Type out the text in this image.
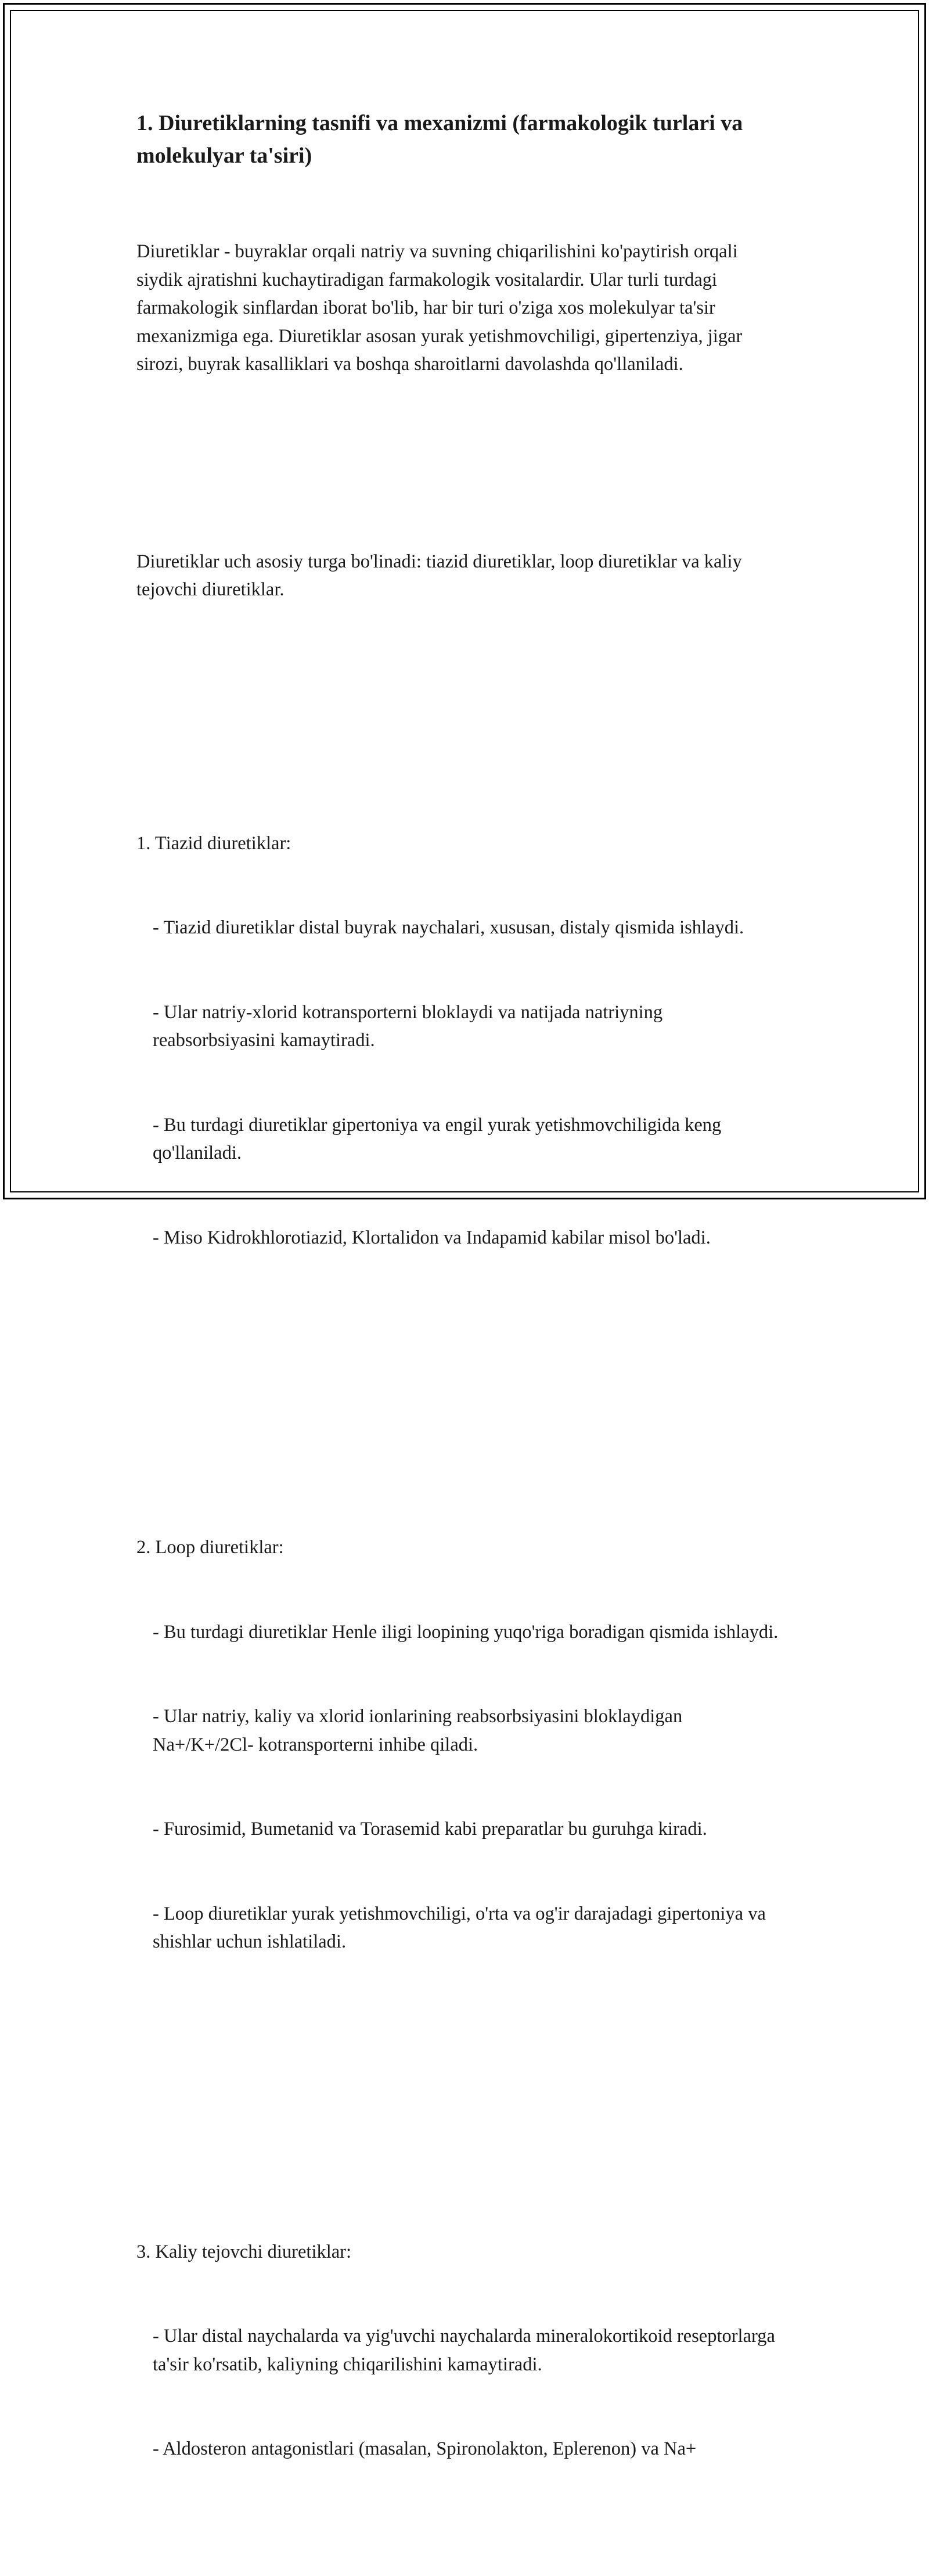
1. Diuretiklarning tasnifi va mexanizmi (farmakologik turlari va molekulyar ta'siri)

Diuretiklar - buyraklar orqali natriy va suvning chiqarilishini ko'paytirish orqali siydik ajratishni kuchaytiradigan farmakologik vositalardir. Ular turli turdagi farmakologik sinflardan iborat bo'lib, har bir turi o'ziga xos molekulyar ta'sir mexanizmiga ega. Diuretiklar asosan yurak yetishmovchiligi, gipertenziya, jigar sirozi, buyrak kasalliklari va boshqa sharoitlarni davolashda qo'llaniladi.

Diuretiklar uch asosiy turga bo'linadi: tiazid diuretiklar, loop diuretiklar va kaliy tejovchi diuretiklar.

1. Tiazid diuretiklar:

- Tiazid diuretiklar distal buyrak naychalari, xususan, distaly qismida ishlaydi.

- Ular natriy-xlorid kotransporterni bloklaydi va natijada natriyning reabsorbsiyasini kamaytiradi.

- Bu turdagi diuretiklar gipertoniya va engil yurak yetishmovchiligida keng qo'llaniladi.

- Miso Kidrokhlorotiazid, Klortalidon va Indapamid kabilar misol bo'ladi.

2. Loop diuretiklar:

- Bu turdagi diuretiklar Henle iligi loopining yuqo'riga boradigan qismida ishlaydi.

- Ular natriy, kaliy va xlorid ionlarining reabsorbsiyasini bloklaydigan Na+/K+/2Cl- kotransporterni inhibe qiladi.

- Furosimid, Bumetanid va Torasemid kabi preparatlar bu guruhga kiradi.

- Loop diuretiklar yurak yetishmovchiligi, o'rta va og'ir darajadagi gipertoniya va shishlar uchun ishlatiladi.

3. Kaliy tejovchi diuretiklar:

- Ular distal naychalarda va yig'uvchi naychalarda mineralokortikoid reseptorlarga ta'sir ko'rsatib, kaliyning chiqarilishini kamaytiradi.

- Aldosteron antagonistlari (masalan, Spironolakton, Eplerenon) va Na+
